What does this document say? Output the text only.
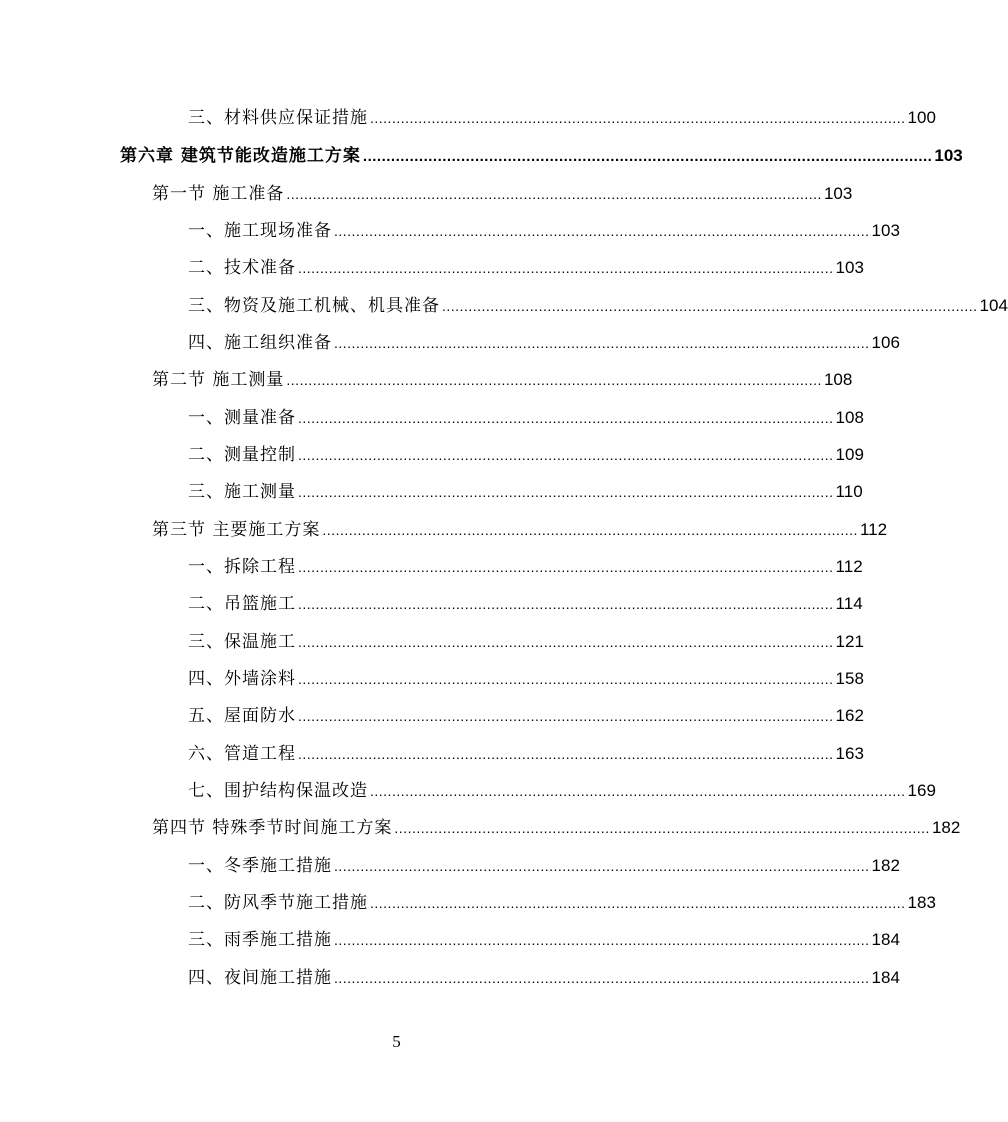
三、材料供应保证措施 .......................................................................................................................... 100
第六章 建筑节能改造施工方案 .......................................................................................................................... 103
第一节 施工准备 .......................................................................................................................... 103
一、施工现场准备 .......................................................................................................................... 103
二、技术准备 .......................................................................................................................... 103
三、物资及施工机械、机具准备 .......................................................................................................................... 104
四、施工组织准备 .......................................................................................................................... 106
第二节 施工测量 .......................................................................................................................... 108
一、测量准备 .......................................................................................................................... 108
二、测量控制 .......................................................................................................................... 109
三、施工测量 .......................................................................................................................... 110
第三节 主要施工方案 .......................................................................................................................... 112
一、拆除工程 .......................................................................................................................... 112
二、吊篮施工 .......................................................................................................................... 114
三、保温施工 .......................................................................................................................... 121
四、外墙涂料 .......................................................................................................................... 158
五、屋面防水 .......................................................................................................................... 162
六、管道工程 .......................................................................................................................... 163
七、围护结构保温改造 .......................................................................................................................... 169
第四节 特殊季节时间施工方案 .......................................................................................................................... 182
一、冬季施工措施 .......................................................................................................................... 182
二、防风季节施工措施 .......................................................................................................................... 183
三、雨季施工措施 .......................................................................................................................... 184
四、夜间施工措施 .......................................................................................................................... 184
5
